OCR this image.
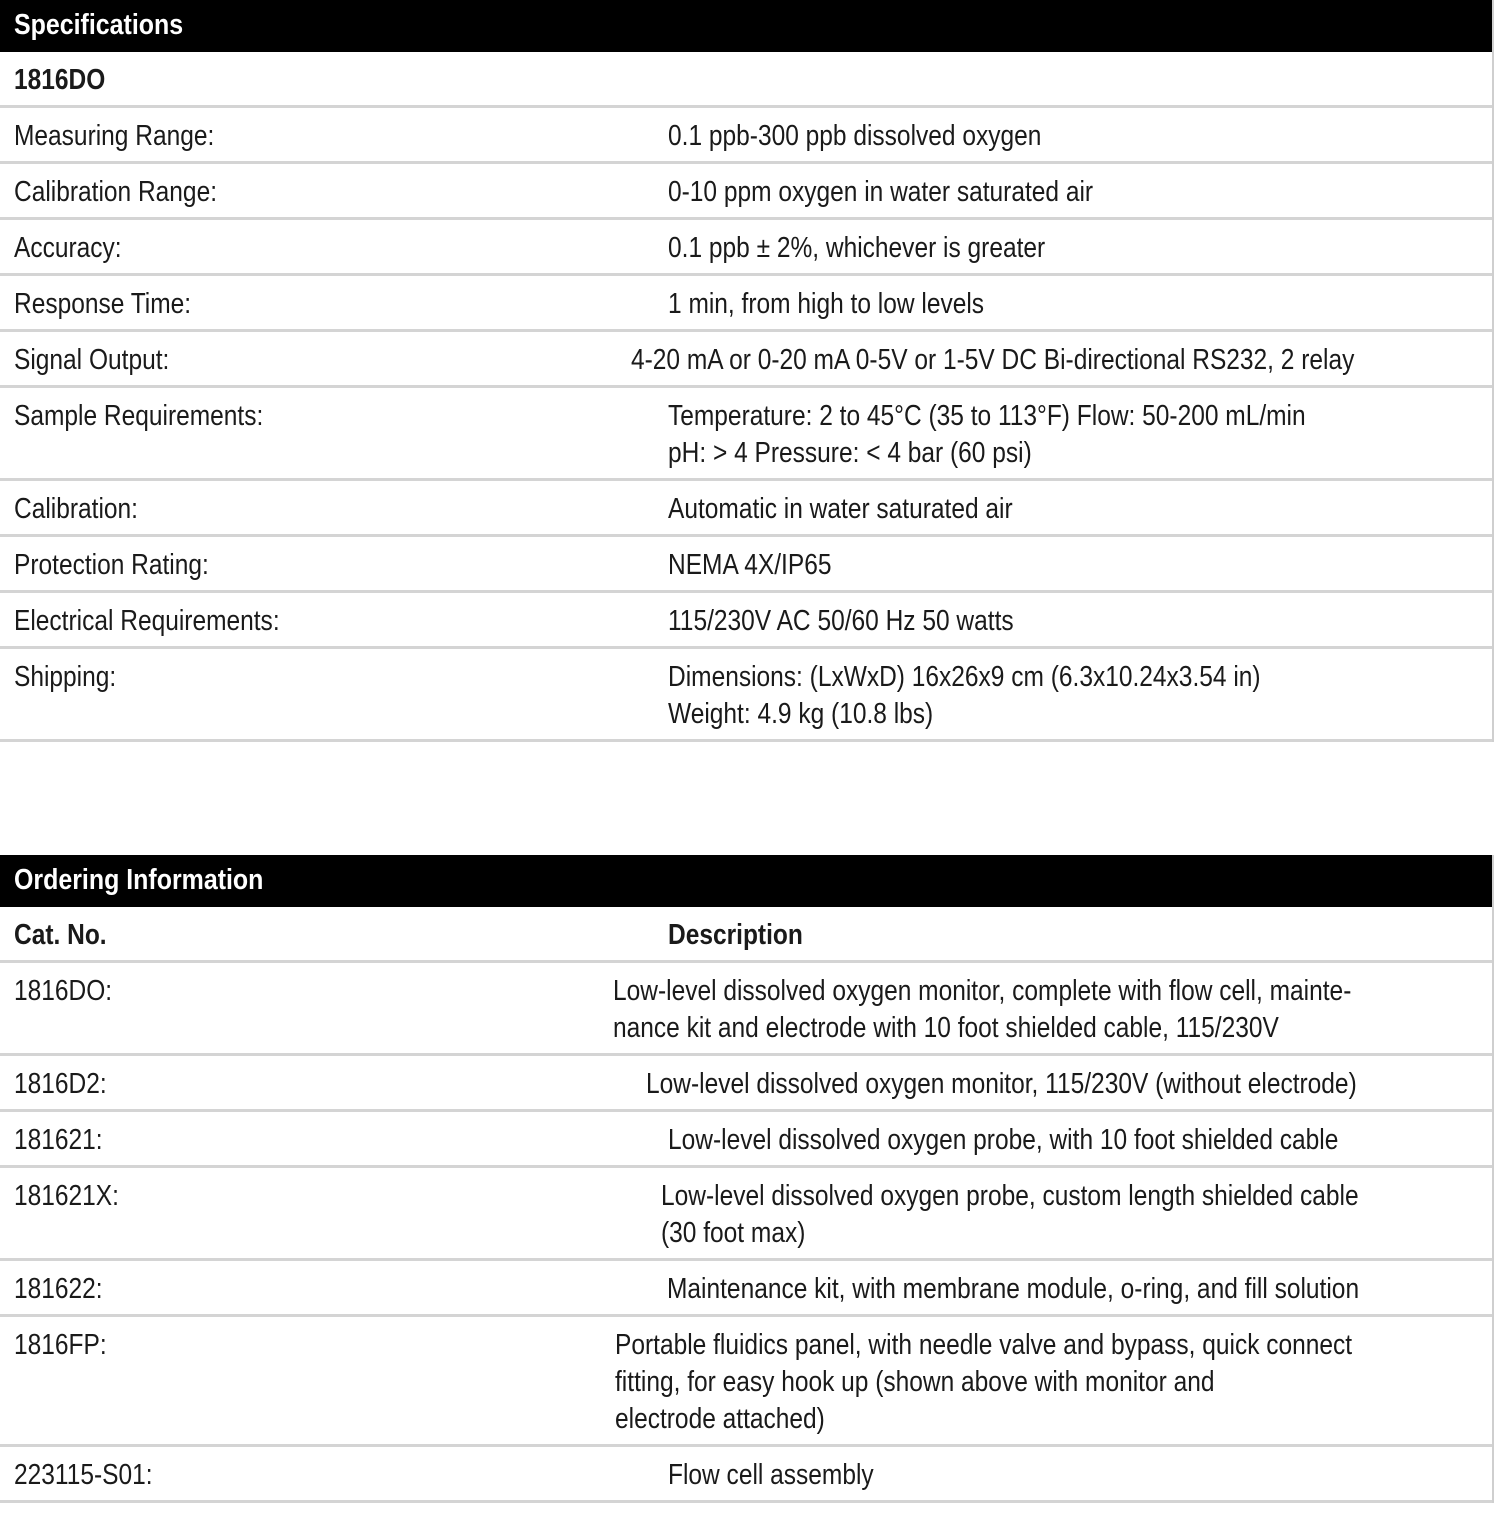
Specifications
1816DO
Measuring Range:	0.1 ppb-300 ppb dissolved oxygen
Calibration Range:	0-10 ppm oxygen in water saturated air
Accuracy:	0.1 ppb ± 2%, whichever is greater
Response Time:	1 min, from high to low levels
Signal Output:	4-20 mA or 0-20 mA 0-5V or 1-5V DC Bi-directional RS232, 2 relay
Sample Requirements:	Temperature: 2 to 45°C (35 to 113°F) Flow: 50-200 mL/min
pH: > 4 Pressure: < 4 bar (60 psi)
Calibration:	Automatic in water saturated air
Protection Rating:	NEMA 4X/IP65
Electrical Requirements:	115/230V AC 50/60 Hz 50 watts
Shipping:	Dimensions: (LxWxD) 16x26x9 cm (6.3x10.24x3.54 in)
Weight: 4.9 kg (10.8 lbs)
Ordering Information
Cat. No.	Description
1816DO:	Low-level dissolved oxygen monitor, complete with flow cell, mainte-
nance kit and electrode with 10 foot shielded cable, 115/230V
1816D2:	Low-level dissolved oxygen monitor, 115/230V (without electrode)
181621:	Low-level dissolved oxygen probe, with 10 foot shielded cable
181621X:	Low-level dissolved oxygen probe, custom length shielded cable
(30 foot max)
181622:	Maintenance kit, with membrane module, o-ring, and fill solution
1816FP:	Portable fluidics panel, with needle valve and bypass, quick connect
fitting, for easy hook up (shown above with monitor and
electrode attached)
223115-S01:	Flow cell assembly
